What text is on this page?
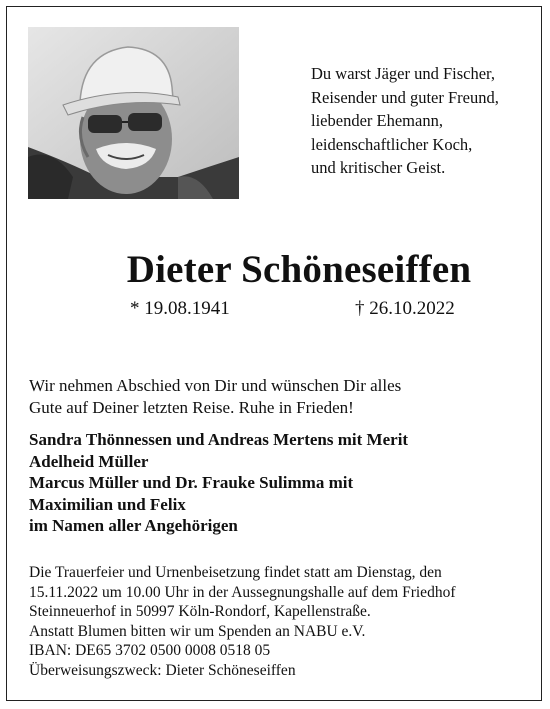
Du warst Jäger und Fischer,
Reisender und guter Freund,
liebender Ehemann,
leidenschaftlicher Koch,
und kritischer Geist.
Dieter Schöneseiffen
* 19.08.1941	† 26.10.2022
Wir nehmen Abschied von Dir und wünschen Dir alles
Gute auf Deiner letzten Reise. Ruhe in Frieden!
Sandra Thönnessen und Andreas Mertens mit Merit
Adelheid Müller
Marcus Müller und Dr. Frauke Sulimma mit
Maximilian und Felix
im Namen aller Angehörigen
Die Trauerfeier und Urnenbeisetzung findet statt am Dienstag, den
15.11.2022 um 10.00 Uhr in der Aussegnungshalle auf dem Friedhof
Steinneuerhof in 50997 Köln-Rondorf, Kapellenstraße.
Anstatt Blumen bitten wir um Spenden an NABU e.V.
IBAN: DE65 3702 0500 0008 0518 05
Überweisungszweck: Dieter Schöneseiffen
